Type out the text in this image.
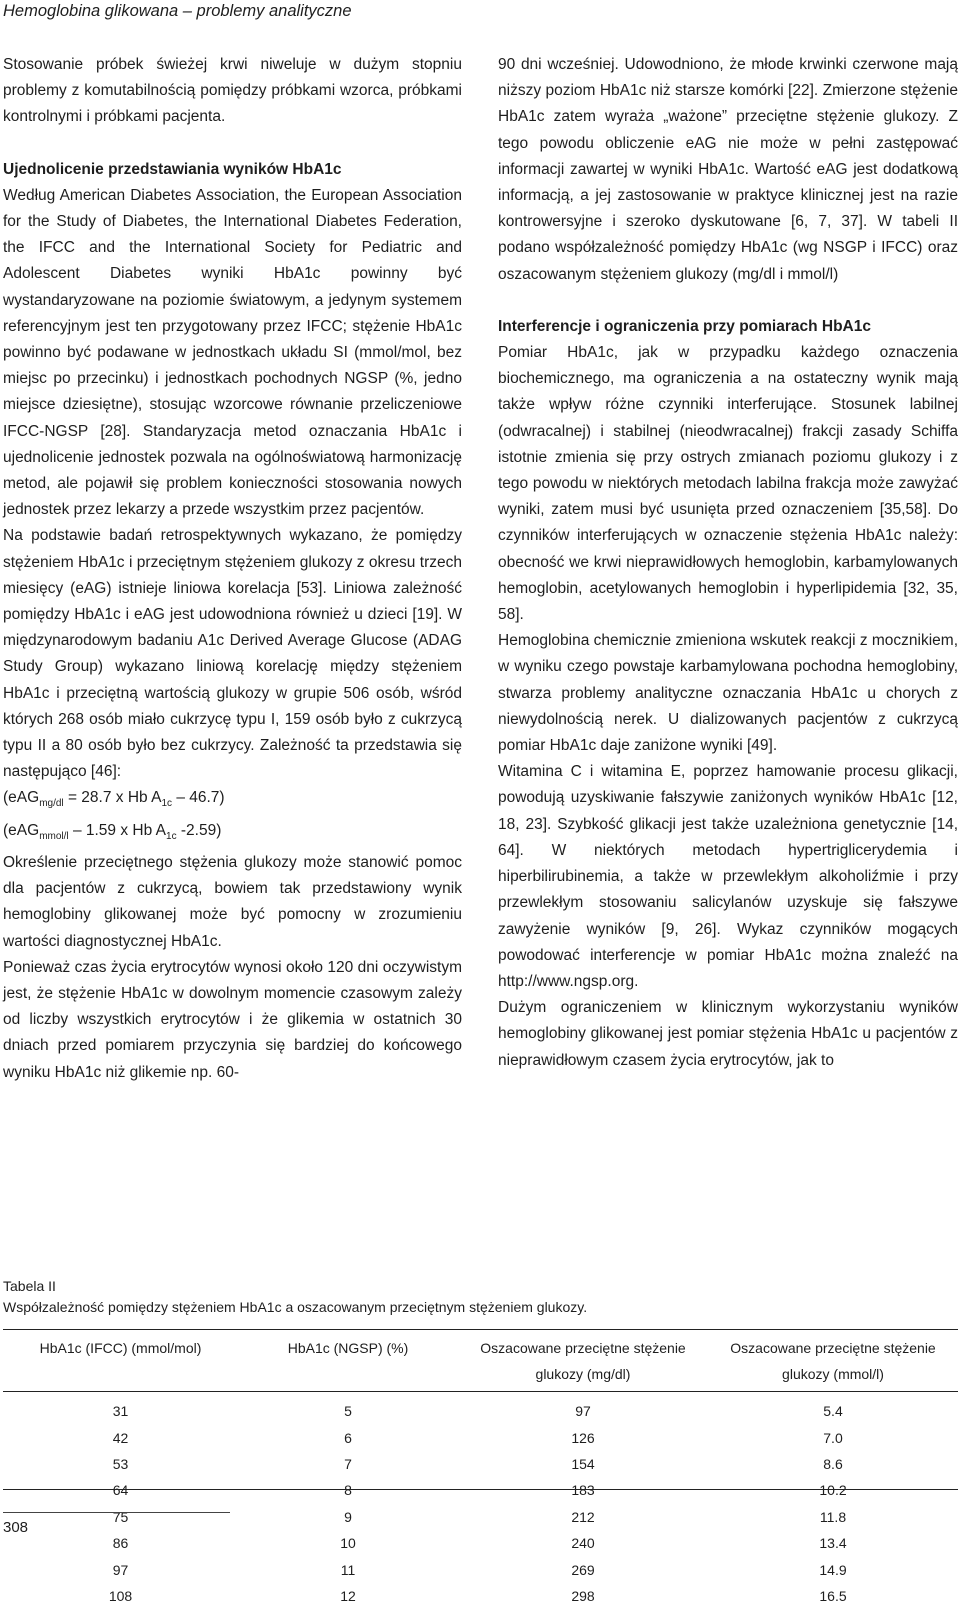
Hemoglobina glikowana – problemy analityczne

Stosowanie próbek świeżej krwi niweluje w dużym stopniu problemy z komutabilnością pomiędzy próbkami wzorca, próbkami kontrolnymi i próbkami pacjenta.

Ujednolicenie przedstawiania wyników HbA1c

Według American Diabetes Association, the European Association for the Study of Diabetes, the International Diabetes Federation, the IFCC and the International Society for Pediatric and Adolescent Diabetes wyniki HbA1c powinny być wystandaryzowane na poziomie światowym, a jedynym systemem referencyjnym jest ten przygotowany przez IFCC; stężenie HbA1c powinno być podawane w jednostkach układu SI (mmol/mol, bez miejsc po przecinku) i jednostkach pochodnych NGSP (%, jedno miejsce dziesiętne), stosując wzorcowe równanie przeliczeniowe IFCC-NGSP [28]. Standaryzacja metod oznaczania HbA1c i ujednolicenie jednostek pozwala na ogólnoświatową harmonizację metod, ale pojawił się problem konieczności stosowania nowych jednostek przez lekarzy a przede wszystkim przez pacjentów.

Na podstawie badań retrospektywnych wykazano, że pomiędzy stężeniem HbA1c i przeciętnym stężeniem glukozy z okresu trzech miesięcy (eAG) istnieje liniowa korelacja [53]. Liniowa zależność pomiędzy HbA1c i eAG jest udowodniona również u dzieci [19]. W międzynarodowym badaniu A1c Derived Average Glucose (ADAG Study Group) wykazano liniową korelację między stężeniem HbA1c i przeciętną wartością glukozy w grupie 506 osób, wśród których 268 osób miało cukrzycę typu I, 159 osób było z cukrzycą typu II a 80 osób było bez cukrzycy. Zależność ta przedstawia się następująco [46]:

(eAG$_{mg/dl}$ = 28.7 x Hb $A_{1c} - 46.7$)

(eAG$_{mmol/l}$ – 1.59 x Hb $A_{1c}$ -2.59)

Określenie przeciętnego stężenia glukozy może stanowić pomoc dla pacjentów z cukrzycą, bowiem tak przedstawiony wynik hemoglobiny glikowanej może być pomocny w zrozumieniu wartości diagnostycznej HbA1c.

Ponieważ czas życia erytrocytów wynosi około 120 dni oczywistym jest, że stężenie HbA1c w dowolnym momencie czasowym zależy od liczby wszystkich erytrocytów i że glikemia w ostatnich 30 dniach przed pomiarem przyczynia się bardziej do końcowego wyniku HbA1c niż glikemie np. 60-

90 dni wcześniej. Udowodniono, że młode krwinki czerwone mają niższy poziom HbA1c niż starsze komórki [22]. Zmierzone stężenie HbA1c zatem wyraża „ważone” przeciętne stężenie glukozy. Z tego powodu obliczenie eAG nie może w pełni zastępować informacji zawartej w wyniki HbA1c. Wartość eAG jest dodatkową informacją, a jej zastosowanie w praktyce klinicznej jest na razie kontrowersyjne i szeroko dyskutowane [6, 7, 37]. W tabeli II podano współzależność pomiędzy HbA1c (wg NSGP i IFCC) oraz oszacowanym stężeniem glukozy (mg/dl i mmol/l)

Interferencje i ograniczenia przy pomiarach HbA1c

Pomiar HbA1c, jak w przypadku każdego oznaczenia biochemicznego, ma ograniczenia a na ostateczny wynik mają także wpływ różne czynniki interferujące. Stosunek labilnej (odwracalnej) i stabilnej (nieodwracalnej) frakcji zasady Schiffa istotnie zmienia się przy ostrych zmianach poziomu glukozy i z tego powodu w niektórych metodach labilna frakcja może zawyżać wyniki, zatem musi być usunięta przed oznaczeniem [35,58]. Do czynników interferujących w oznaczenie stężenia HbA1c należy: obecność we krwi nieprawidłowych hemoglobin, karbamylowanych hemoglobin, acetylowanych hemoglobin i hyperlipidemia [32, 35, 58].

Hemoglobina chemicznie zmieniona wskutek reakcji z mocznikiem, w wyniku czego powstaje karbamylowana pochodna hemoglobiny, stwarza problemy analityczne oznaczania HbA1c u chorych z niewydolnością nerek. U dializowanych pacjentów z cukrzycą pomiar HbA1c daje zaniżone wyniki [49].

Witamina C i witamina E, poprzez hamowanie procesu glikacji, powodują uzyskiwanie fałszywie zaniżonych wyników HbA1c [12, 18, 23]. Szybkość glikacji jest także uzależniona genetycznie [14, 64]. W niektórych metodach hypertriglicerydemia i hiperbilirubinemia, a także w przewlekłym alkoholiźmie i przy przewlekłym stosowaniu salicylanów uzyskuje się fałszywe zawyżenie wyników [9, 26]. Wykaz czynników mogących powodować interferencje w pomiar HbA1c można znaleźć na http://www.ngsp.org.

Dużym ograniczeniem w klinicznym wykorzystaniu wyników hemoglobiny glikowanej jest pomiar stężenia HbA1c u pacjentów z nieprawidłowym czasem życia erytrocytów, jak to

Tabela II
Współzależność pomiędzy stężeniem HbA1c a oszacowanym przeciętnym stężeniem glukozy.
HbA1c (IFCC) (mmol/mol)	HbA1c (NGSP) (%)	Oszacowane przeciętne stężenie glukozy (mg/dl)	Oszacowane przeciętne stężenie glukozy (mmol/l)
31	5	97	5.4
42	6	126	7.0
53	7	154	8.6
64	8	183	10.2
75	9	212	11.8
86	10	240	13.4
97	11	269	14.9
108	12	298	16.5
308
